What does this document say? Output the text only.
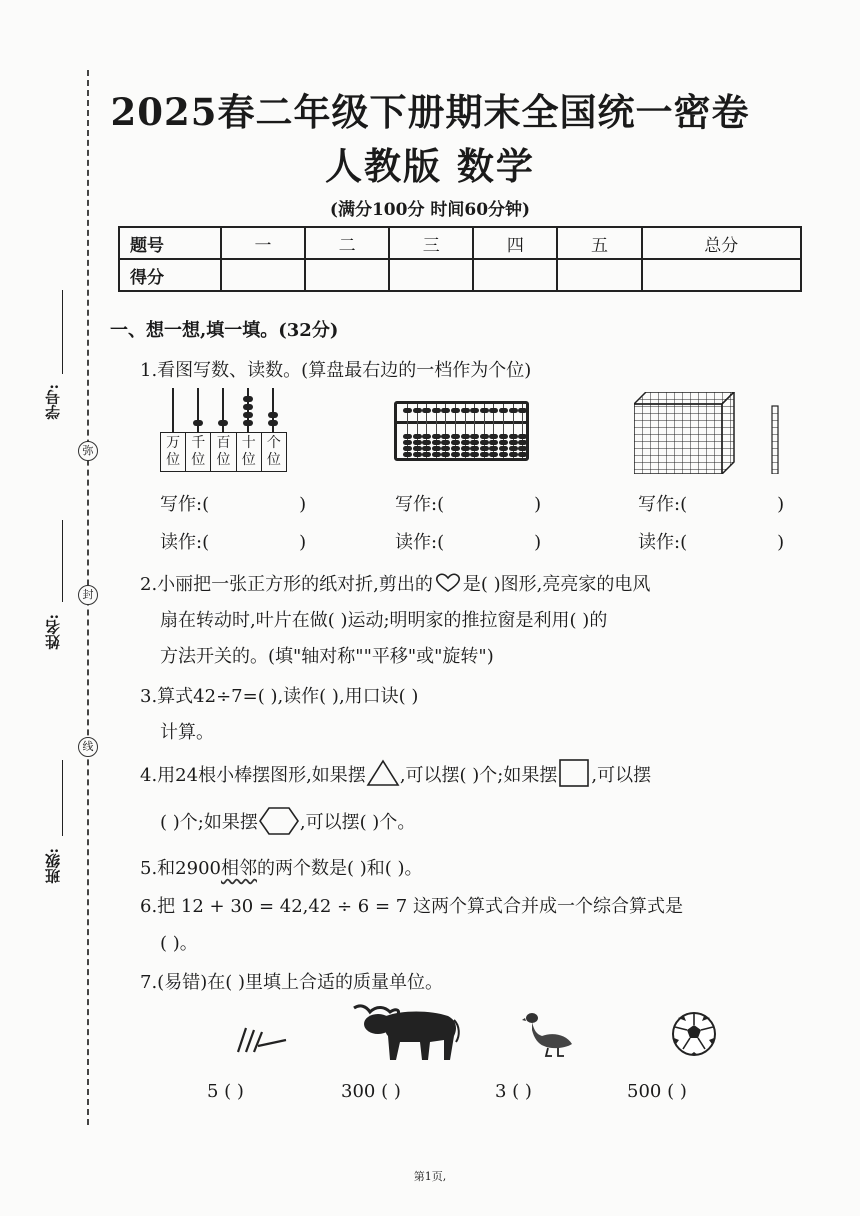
学号:
弥
姓名:
封
线
班级:
2025春二年级下册期末全国统一密卷
人教版 数学
(满分100分 时间60分钟)
题号	一	二	三	四	五	总分
得分						
一、想一想,填一填。(32分)
1.看图写数、读数。(算盘最右边的一档作为个位)
万位
千位
百位
十位
个位
写作:(	)	写作:(	)	写作:(	)
读作:(	)	读作:(	)	读作:(	)
2.小丽把一张正方形的纸对折,剪出的 是( )图形,亮亮家的电风
扇在转动时,叶片在做( )运动;明明家的推拉窗是利用( )的
方法开关的。(填"轴对称""平移"或"旋转")
3.算式42÷7=( ),读作( ),用口诀( )
计算。
4.用24根小棒摆图形,如果摆 ,可以摆( )个;如果摆 ,可以摆
( )个;如果摆 ,可以摆( )个。
5.和2900相邻的两个数是( )和( )。
6.把 12 + 30 = 42,42 ÷ 6 = 7 这两个算式合并成一个综合算式是
( )。
7.(易错)在( )里填上合适的质量单位。
5 ( )	300 ( )	3 ( )	500 ( )
第1页,
